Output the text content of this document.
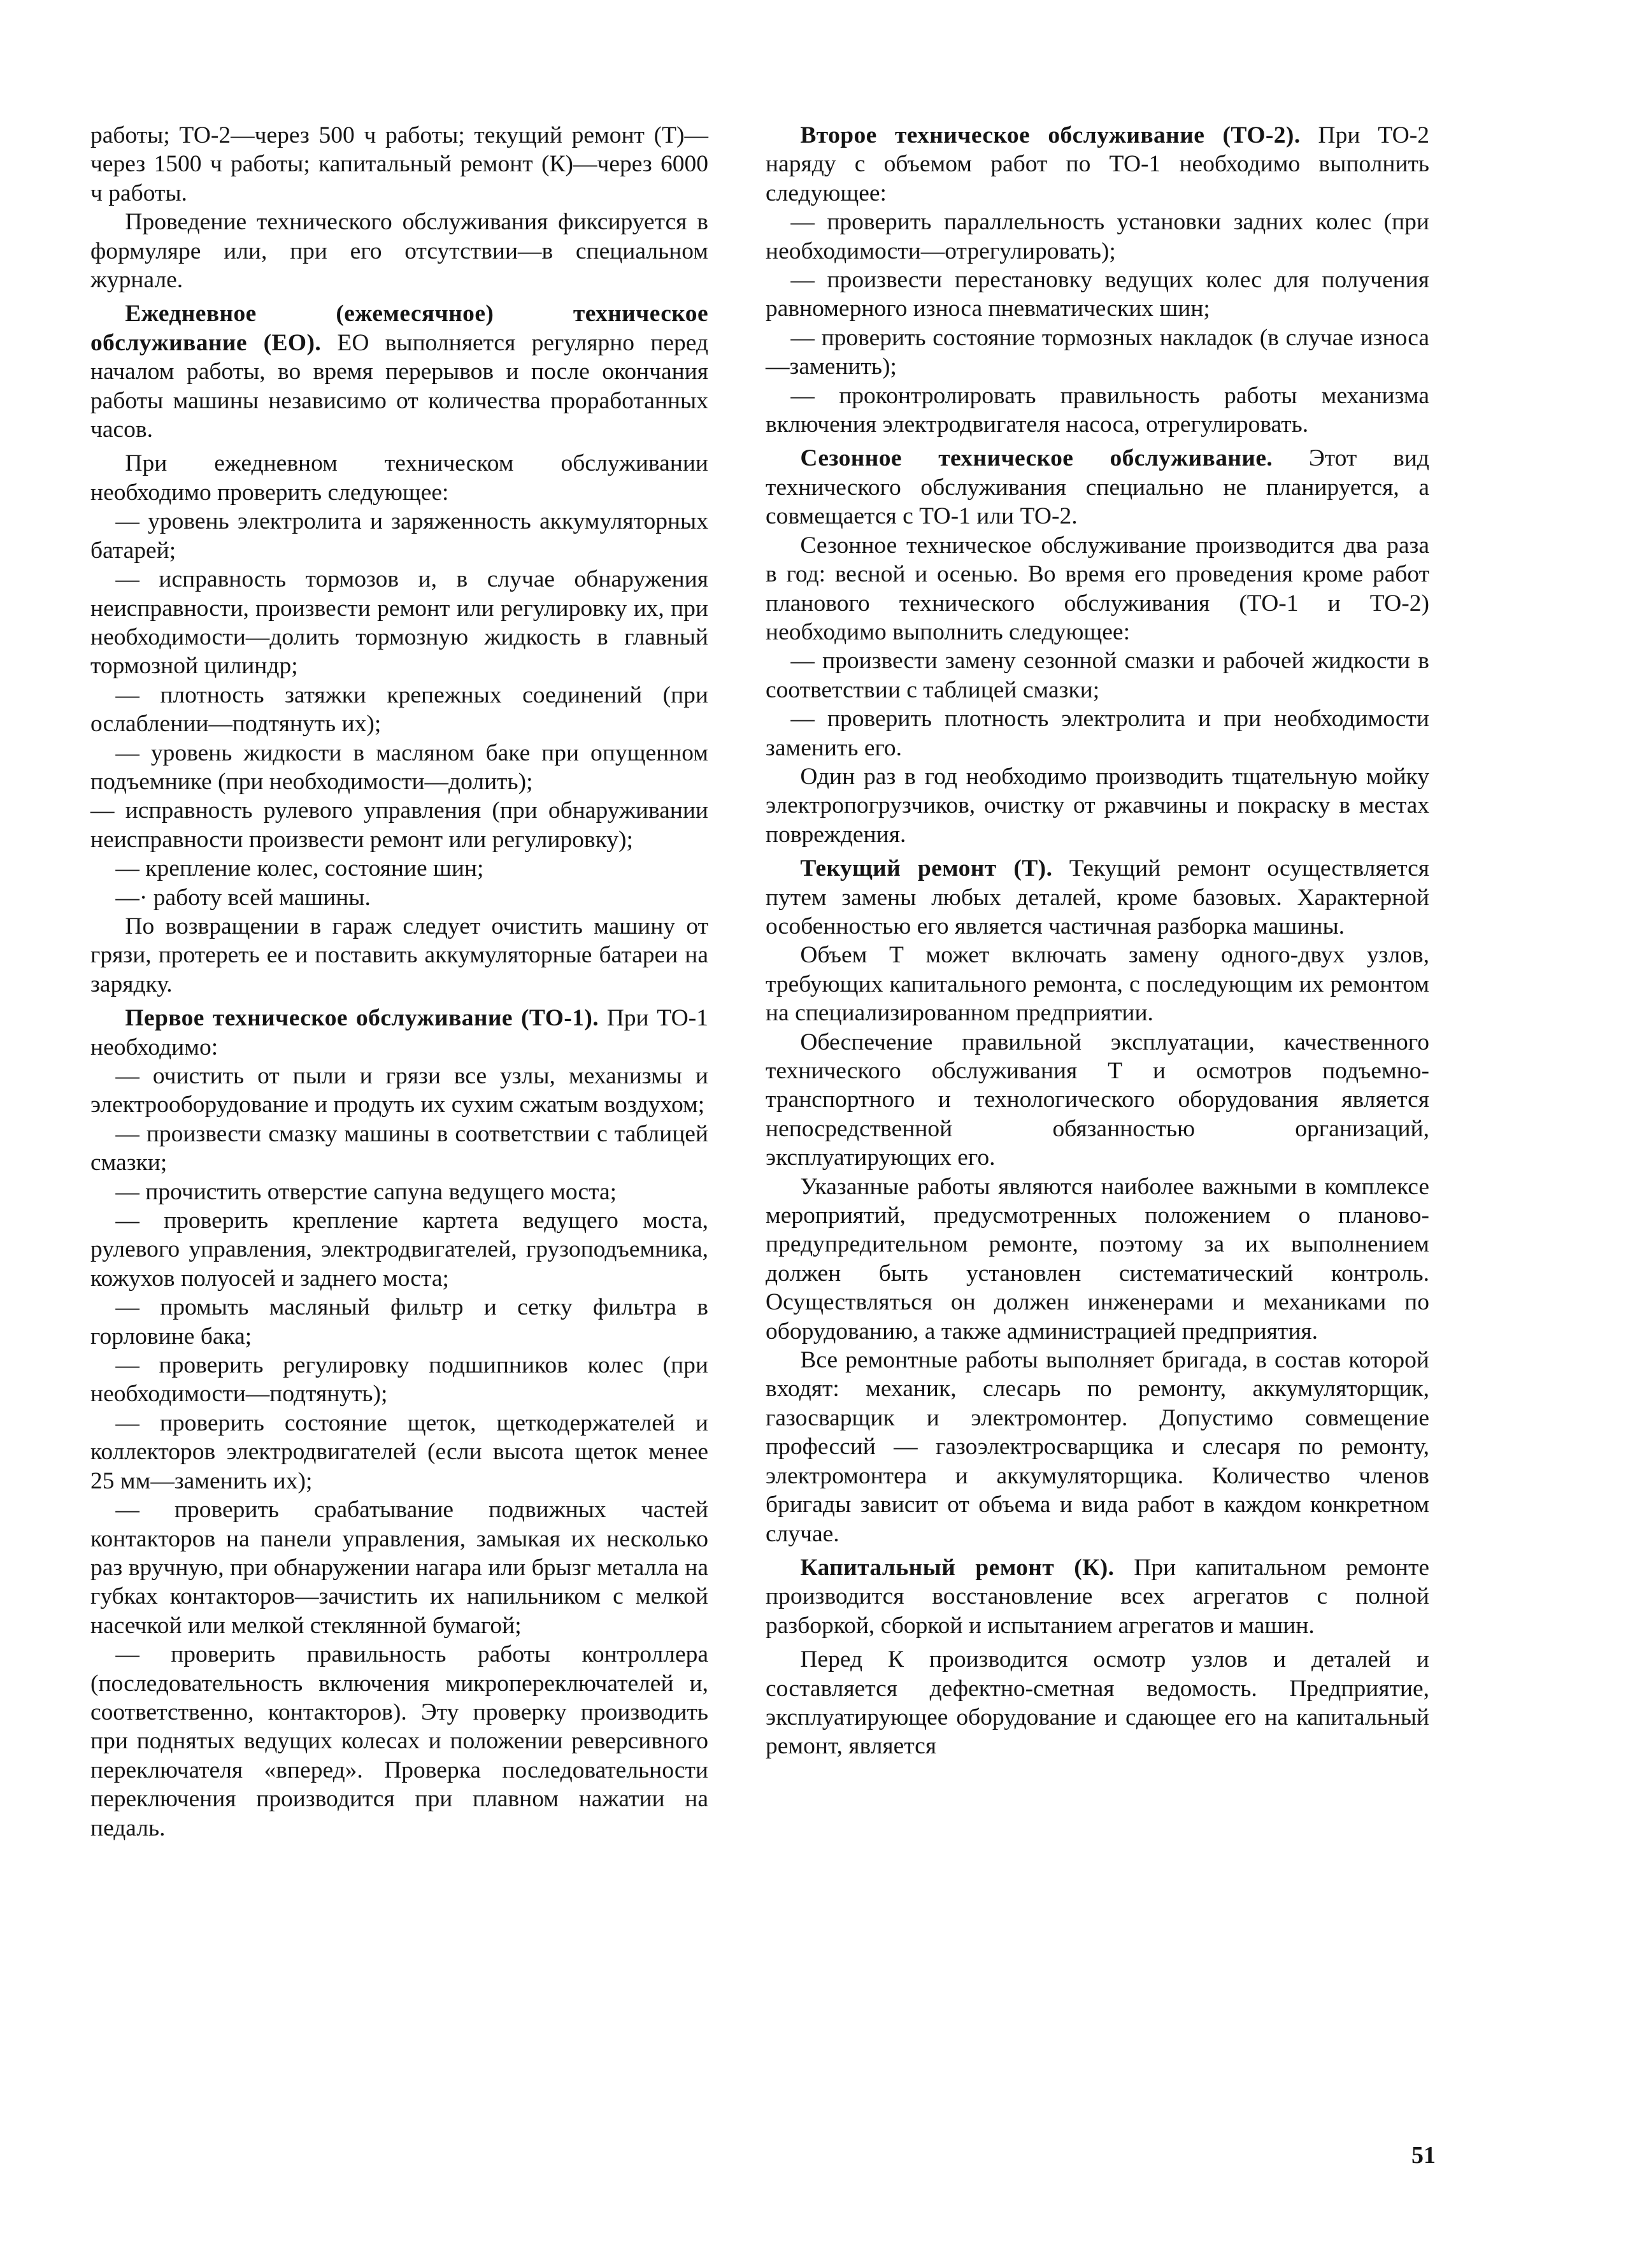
работы; ТО-2—через 500 ч работы; текущий ремонт (Т)—через 1500 ч работы; капитальный ремонт (К)—через 6000 ч работы.

Проведение технического обслуживания фиксируется в формуляре или, при его отсутствии—в специальном журнале.

Ежедневное (ежемесячное) техническое обслуживание (ЕО). ЕО выполняется регулярно перед началом работы, во время перерывов и после окончания работы машины независимо от количества проработанных часов.

При ежедневном техническом обслуживании необходимо проверить следующее:

— уровень электролита и заряженность аккумуляторных батарей;

— исправность тормозов и, в случае обнаружения неисправности, произвести ремонт или регулировку их, при необходимости—долить тормозную жидкость в главный тормозной цилиндр;

— плотность затяжки крепежных соединений (при ослаблении—подтянуть их);

— уровень жидкости в масляном баке при опущенном подъемнике (при необходимости—долить);

— исправность рулевого управления (при обнаруживании неисправности произвести ремонт или регулировку);

— крепление колес, состояние шин;

—· работу всей машины.

По возвращении в гараж следует очистить машину от грязи, протереть ее и поставить аккумуляторные батареи на зарядку.

Первое техническое обслуживание (ТО-1). При ТО-1 необходимо:

— очистить от пыли и грязи все узлы, механизмы и электрооборудование и продуть их сухим сжатым воздухом;

— произвести смазку машины в соответствии с таблицей смазки;

— прочистить отверстие сапуна ведущего моста;

— проверить крепление картета ведущего моста, рулевого управления, электродвигателей, грузоподъемника, кожухов полуосей и заднего моста;

— промыть масляный фильтр и сетку фильтра в горловине бака;

— проверить регулировку подшипников колес (при необходимости—подтянуть);

— проверить состояние щеток, щеткодержателей и коллекторов электродвигателей (если высота щеток менее 25 мм—заменить их);

— проверить срабатывание подвижных частей контакторов на панели управления, замыкая их несколько раз вручную, при обнаружении нагара или брызг металла на губках контакторов—зачистить их напильником с мелкой насечкой или мелкой стеклянной бумагой;

— проверить правильность работы контроллера (последовательность включения микропереключателей и, соответственно, контакторов). Эту проверку производить при поднятых ведущих колесах и положении реверсивного переключателя «вперед». Проверка последовательности переключения производится при плавном нажатии на педаль.

Второе техническое обслуживание (ТО-2). При ТО-2 наряду с объемом работ по ТО-1 необходимо выполнить следующее:

— проверить параллельность установки задних колес (при необходимости—отрегулировать);

— произвести перестановку ведущих колес для получения равномерного износа пневматических шин;

— проверить состояние тормозных накладок (в случае износа—заменить);

— проконтролировать правильность работы механизма включения электродвигателя насоса, отрегулировать.

Сезонное техническое обслуживание. Этот вид технического обслуживания специально не планируется, а совмещается с ТО-1 или ТО-2.

Сезонное техническое обслуживание производится два раза в год: весной и осенью. Во время его проведения кроме работ планового технического обслуживания (ТО-1 и ТО-2) необходимо выполнить следующее:

— произвести замену сезонной смазки и рабочей жидкости в соответствии с таблицей смазки;

— проверить плотность электролита и при необходимости заменить его.

Один раз в год необходимо производить тщательную мойку электропогрузчиков, очистку от ржавчины и покраску в местах повреждения.

Текущий ремонт (Т). Текущий ремонт осуществляется путем замены любых деталей, кроме базовых. Характерной особенностью его является частичная разборка машины.

Объем Т может включать замену одного-двух узлов, требующих капитального ремонта, с последующим их ремонтом на специализированном предприятии.

Обеспечение правильной эксплуатации, качественного технического обслуживания Т и осмотров подъемно-транспортного и технологического оборудования является непосредственной обязанностью организаций, эксплуатирующих его.

Указанные работы являются наиболее важными в комплексе мероприятий, предусмотренных положением о планово-предупредительном ремонте, поэтому за их выполнением должен быть установлен систематический контроль. Осуществляться он должен инженерами и механиками по оборудованию, а также администрацией предприятия.

Все ремонтные работы выполняет бригада, в состав которой входят: механик, слесарь по ремонту, аккумуляторщик, газосварщик и электромонтер. Допустимо совмещение профессий — газоэлектросварщика и слесаря по ремонту, электромонтера и аккумуляторщика. Количество членов бригады зависит от объема и вида работ в каждом конкретном случае.

Капитальный ремонт (К). При капитальном ремонте производится восстановление всех агрегатов с полной разборкой, сборкой и испытанием агрегатов и машин.

Перед К производится осмотр узлов и деталей и составляется дефектно-сметная ведомость. Предприятие, эксплуатирующее оборудование и сдающее его на капитальный ремонт, является

51
